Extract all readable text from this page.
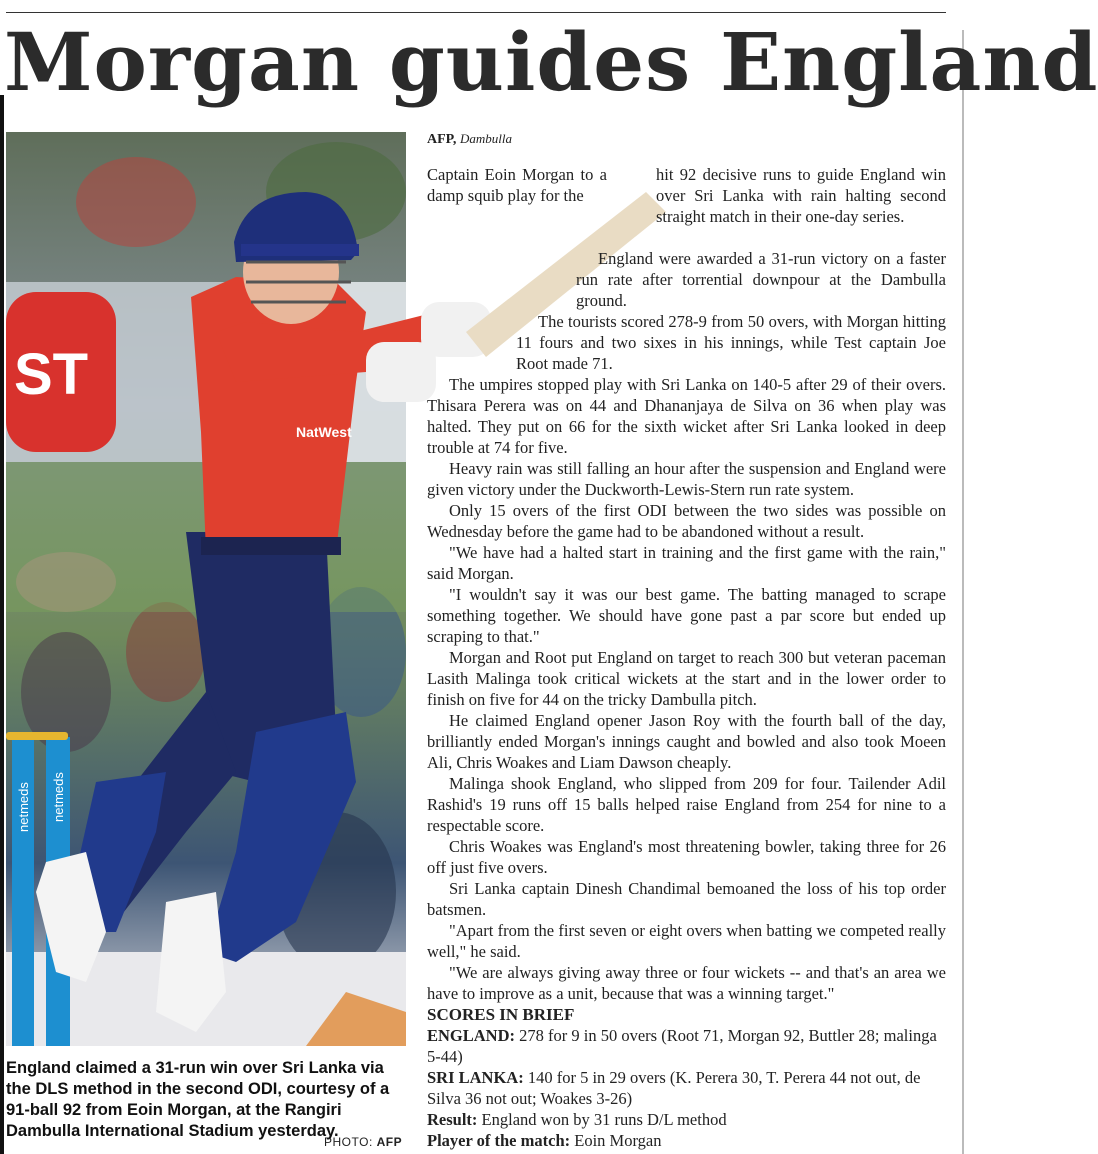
Morgan guides England
ST
netmeds netmeds
NatWest
England claimed a 31-run win over Sri Lanka via the DLS method in the second ODI, courtesy of a 91-ball 92 from Eoin Morgan, at the Rangiri Dambulla International Stadium yesterday.
PHOTO: AFP
AFP, Dambulla

Captain Eoin Morgan to a damp squib play for the

hit 92 decisive runs to guide England win over Sri Lanka with rain halting second straight match in their one-day series.

England were awarded a 31-run victory on a faster run rate after torrential downpour at the Dambulla ground.

The tourists scored 278-9 from 50 overs, with Morgan hitting 11 fours and two sixes in his innings, while Test captain Joe Root made 71.

The umpires stopped play with Sri Lanka on 140-5 after 29 of their overs. Thisara Perera was on 44 and Dhananjaya de Silva on 36 when play was halted. They put on 66 for the sixth wicket after Sri Lanka looked in deep trouble at 74 for five.

Heavy rain was still falling an hour after the suspension and England were given victory under the Duckworth-Lewis-Stern run rate system.

Only 15 overs of the first ODI between the two sides was possible on Wednesday before the game had to be abandoned without a result.

"We have had a halted start in training and the first game with the rain," said Morgan.

"I wouldn't say it was our best game. The batting managed to scrape something together. We should have gone past a par score but ended up scraping to that."

Morgan and Root put England on target to reach 300 but veteran paceman Lasith Malinga took critical wickets at the start and in the lower order to finish on five for 44 on the tricky Dambulla pitch.

He claimed England opener Jason Roy with the fourth ball of the day, brilliantly ended Morgan's innings caught and bowled and also took Moeen Ali, Chris Woakes and Liam Dawson cheaply.

Malinga shook England, who slipped from 209 for four. Tailender Adil Rashid's 19 runs off 15 balls helped raise England from 254 for nine to a respectable score.

Chris Woakes was England's most threatening bowler, taking three for 26 off just five overs.

Sri Lanka captain Dinesh Chandimal bemoaned the loss of his top order batsmen.

"Apart from the first seven or eight overs when batting we competed really well," he said.

"We are always giving away three or four wickets -- and that's an area we have to improve as a unit, because that was a winning target."

SCORES IN BRIEF

ENGLAND: 278 for 9 in 50 overs (Root 71, Morgan 92, Buttler 28; malinga 5-44)

SRI LANKA: 140 for 5 in 29 overs (K. Perera 30, T. Perera 44 not out, de Silva 36 not out; Woakes 3-26)

Result: England won by 31 runs D/L method

Player of the match: Eoin Morgan
